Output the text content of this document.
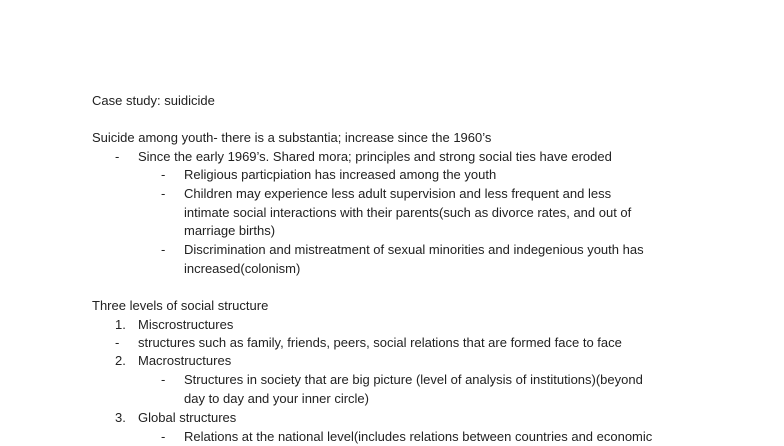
Case study: suidicide
Suicide among youth- there is a substantia; increase since the 1960’s
- Since the early 1969’s. Shared mora; principles and strong social ties have eroded
- Religious particpiation has increased among the youth
- Children may experience less adult supervision and less frequent and less
intimate social interactions with their parents(such as divorce rates, and out of
marriage births)
- Discrimination and mistreatment of sexual minorities and indegenious youth has
increased(colonism)
Three levels of social structure
1. Miscrostructures
- structures such as family, friends, peers, social relations that are formed face to face
2. Macrostructures
- Structures in society that are big picture (level of analysis of institutions)(beyond
day to day and your inner circle)
3. Global structures
- Relations at the national level(includes relations between countries and economic
